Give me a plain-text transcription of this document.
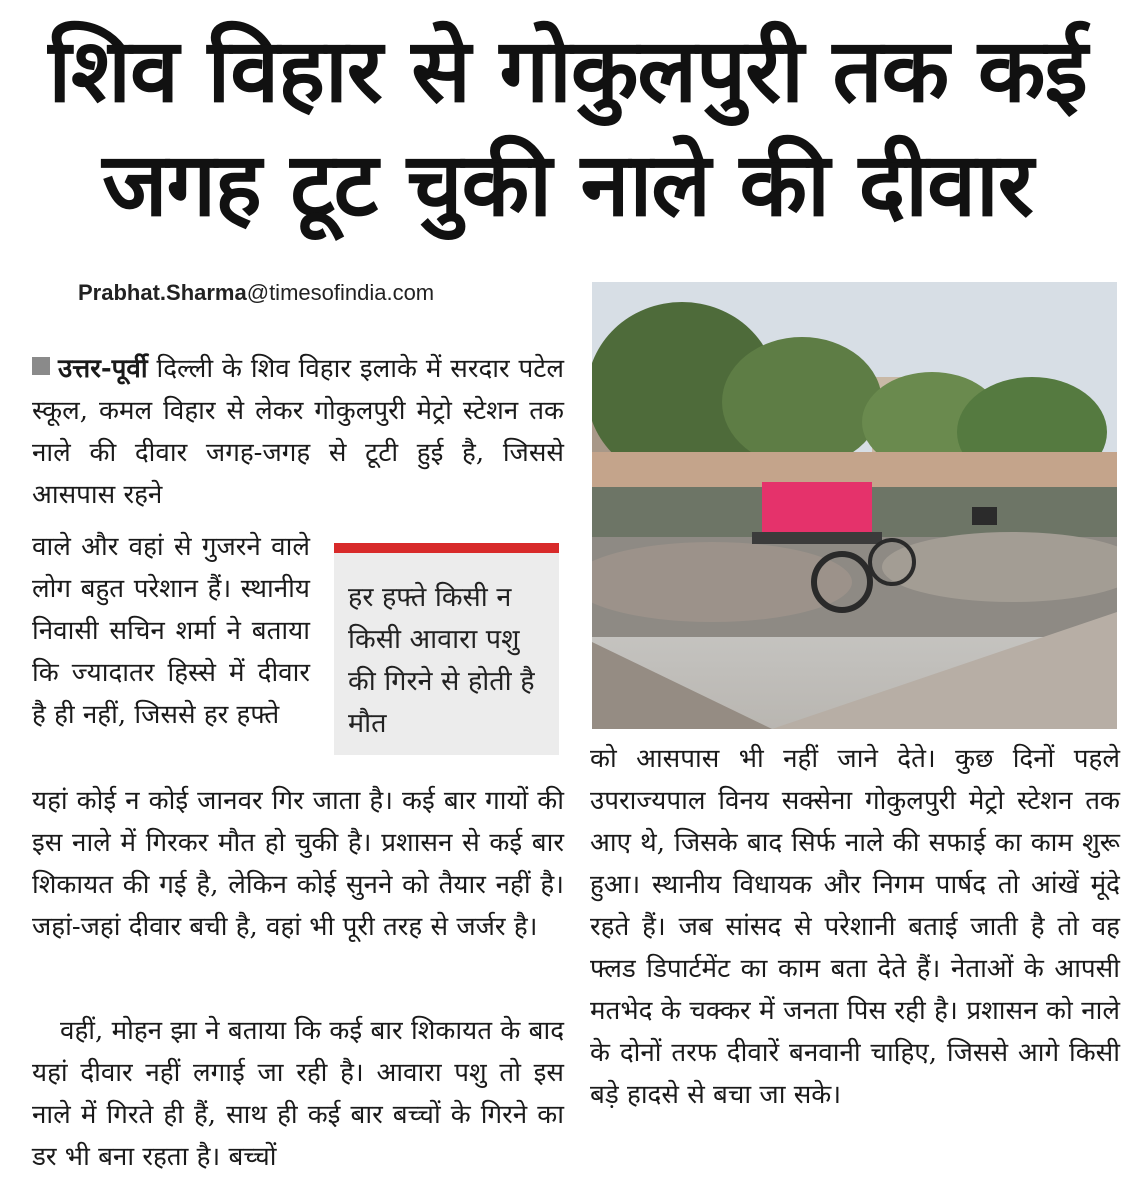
शिव विहार से गोकुलपुरी तक कई
जगह टूट चुकी नाले की दीवार
Prabhat.Sharma@timesofindia.com

उत्तर-पूर्वी दिल्ली के शिव विहार इलाके में सरदार पटेल स्कूल, कमल विहार से लेकर गोकुलपुरी मेट्रो स्टेशन तक नाले की दीवार जगह-जगह से टूटी हुई है, जिससे आसपास रहने

वाले और वहां से गुजरने वाले लोग बहुत परेशान हैं। स्थानीय निवासी सचिन शर्मा ने बताया कि ज्यादातर हिस्से में दीवार है ही नहीं, जिससे हर हफ्ते

हर हफ्ते किसी न किसी आवारा पशु की गिरने से होती है मौत

यहां कोई न कोई जानवर गिर जाता है। कई बार गायों की इस नाले में गिरकर मौत हो चुकी है। प्रशासन से कई बार शिकायत की गई है, लेकिन कोई सुनने को तैयार नहीं है। जहां-जहां दीवार बची है, वहां भी पूरी तरह से जर्जर है।

वहीं, मोहन झा ने बताया कि कई बार शिकायत के बाद यहां दीवार नहीं लगाई जा रही है। आवारा पशु तो इस नाले में गिरते ही हैं, साथ ही कई बार बच्चों के गिरने का डर भी बना रहता है। बच्चों

को आसपास भी नहीं जाने देते। कुछ दिनों पहले उपराज्यपाल विनय सक्सेना गोकुलपुरी मेट्रो स्टेशन तक आए थे, जिसके बाद सिर्फ नाले की सफाई का काम शुरू हुआ। स्थानीय विधायक और निगम पार्षद तो आंखें मूंदे रहते हैं। जब सांसद से परेशानी बताई जाती है तो वह फ्लड डिपार्टमेंट का काम बता देते हैं। नेताओं के आपसी मतभेद के चक्कर में जनता पिस रही है। प्रशासन को नाले के दोनों तरफ दीवारें बनवानी चाहिए, जिससे आगे किसी बड़े हादसे से बचा जा सके।
